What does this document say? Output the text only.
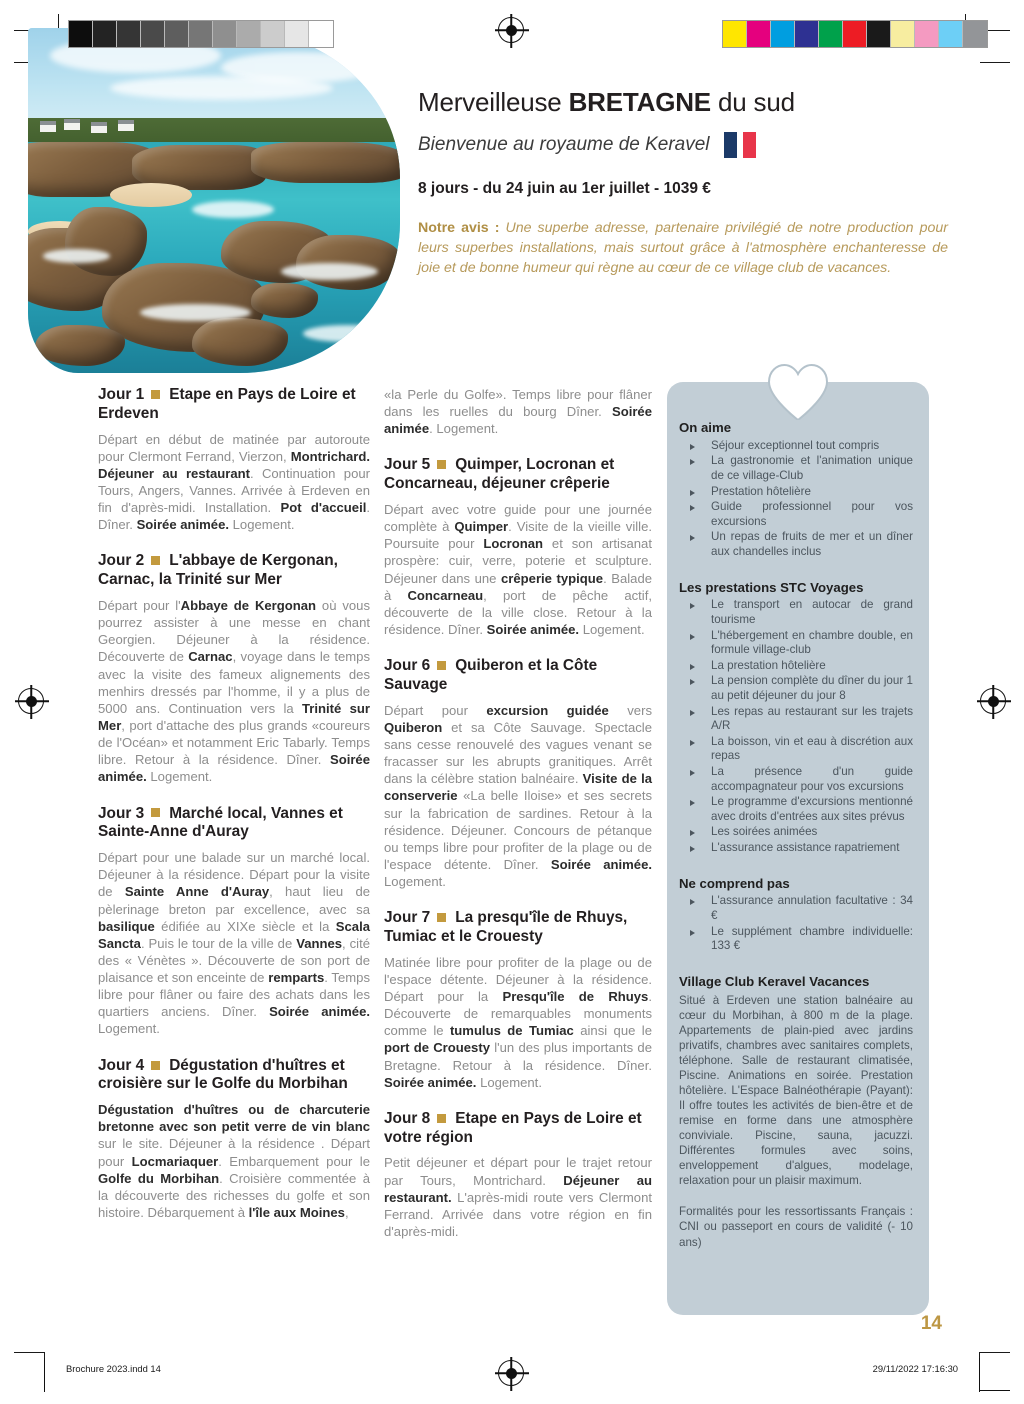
Merveilleuse BRETAGNE du sud
Bienvenue au royaume de Keravel
8 jours - du 24 juin au 1er juillet - 1039 €
Notre avis : Une superbe adresse, partenaire privilégié de notre production pour leurs superbes installations, mais surtout grâce à l'atmosphère enchanteresse de joie et de bonne humeur qui règne au cœur de ce village club de vacances.
Jour 1 Etape en Pays de Loire et Erdeven

Départ en début de matinée par autoroute pour Clermont Ferrand, Vierzon, Montrichard. Déjeuner au restaurant. Continuation pour Tours, Angers, Vannes. Arrivée à Erdeven en fin d'après-midi. Installation. Pot d'accueil. Dîner. Soirée animée. Logement.

Jour 2 L'abbaye de Kergonan, Carnac, la Trinité sur Mer

Départ pour l'Abbaye de Kergonan où vous pourrez assister à une messe en chant Georgien. Déjeuner à la résidence. Découverte de Carnac, voyage dans le temps avec la visite des fameux alignements des menhirs dressés par l'homme, il y a plus de 5000 ans. Continuation vers la Trinité sur Mer, port d'attache des plus grands «coureurs de l'Océan» et notamment Eric Tabarly. Temps libre. Retour à la résidence. Dîner. Soirée animée. Logement.

Jour 3 Marché local, Vannes et Sainte-Anne d'Auray

Départ pour une balade sur un marché local. Déjeuner à la résidence. Départ pour la visite de Sainte Anne d'Auray, haut lieu de pèlerinage breton par excellence, avec sa basilique édifiée au XIXe siècle et la Scala Sancta. Puis le tour de la ville de Vannes, cité des « Vénètes ». Découverte de son port de plaisance et son enceinte de remparts. Temps libre pour flâner ou faire des achats dans les quartiers anciens. Dîner. Soirée animée. Logement.

Jour 4 Dégustation d'huîtres et croisière sur le Golfe du Morbihan

Dégustation d'huîtres ou de charcuterie bretonne avec son petit verre de vin blanc sur le site. Déjeuner à la résidence . Départ pour Locmariaquer. Embarquement pour le Golfe du Morbihan. Croisière commentée à la découverte des richesses du golfe et son histoire. Débarquement à l'île aux Moines,

«la Perle du Golfe». Temps libre pour flâner dans les ruelles du bourg Dîner. Soirée animée. Logement.

Jour 5 Quimper, Locronan et Concarneau, déjeuner crêperie

Départ avec votre guide pour une journée complète à Quimper. Visite de la vieille ville. Poursuite pour Locronan et son artisanat prospère: cuir, verre, poterie et sculpture. Déjeuner dans une crêperie typique. Balade à Concarneau, port de pêche actif, découverte de la ville close. Retour à la résidence. Dîner. Soirée animée. Logement.

Jour 6 Quiberon et la Côte Sauvage

Départ pour excursion guidée vers Quiberon et sa Côte Sauvage. Spectacle sans cesse renouvelé des vagues venant se fracasser sur les abrupts granitiques. Arrêt dans la célèbre station balnéaire. Visite de la conserverie «La belle Iloise» et ses secrets sur la fabrication de sardines. Retour à la résidence. Déjeuner. Concours de pétanque ou temps libre pour profiter de la plage ou de l'espace détente. Dîner. Soirée animée. Logement.

Jour 7 La presqu'île de Rhuys, Tumiac et le Crouesty

Matinée libre pour profiter de la plage ou de l'espace détente. Déjeuner à la résidence. Départ pour la Presqu'île de Rhuys. Découverte de remarquables monuments comme le tumulus de Tumiac ainsi que le port de Crouesty l'un des plus importants de Bretagne. Retour à la résidence. Dîner. Soirée animée. Logement.

Jour 8 Etape en Pays de Loire et votre région

Petit déjeuner et départ pour le trajet retour par Tours, Montrichard. Déjeuner au restaurant. L'après-midi route vers Clermont Ferrand. Arrivée dans votre région en fin d'après-midi.

On aime
Séjour exceptionnel tout compris
La gastronomie et l'animation unique de ce village-Club
Prestation hôtelière
Guide professionnel pour vos excursions
Un repas de fruits de mer et un dîner aux chandelles inclus
Les prestations STC Voyages
Le transport en autocar de grand tourisme
L'hébergement en chambre double, en formule village-club
La prestation hôtelière
La pension complète du dîner du jour 1 au petit déjeuner du jour 8
Les repas au restaurant sur les trajets A/R
La boisson, vin et eau à discrétion aux repas
La présence d'un guide accompagnateur pour vos excursions
Le programme d'excursions mentionné avec droits d'entrées aux sites prévus
Les soirées animées
L'assurance assistance rapatriement
Ne comprend pas
L'assurance annulation facultative : 34 €
Le supplément chambre individuelle: 133 €
Village Club Keravel Vacances

Situé à Erdeven une station balnéaire au cœur du Morbihan, à 800 m de la plage. Appartements de plain-pied avec jardins privatifs, chambres avec sanitaires complets, téléphone. Salle de restaurant climatisée, Piscine. Animations en soirée. Prestation hôtelière. L'Espace Balnéothérapie (Payant): Il offre toutes les activités de bien-être et de remise en forme dans une atmosphère conviviale. Piscine, sauna, jacuzzi. Différentes formules avec soins, enveloppement d'algues, modelage, relaxation pour un plaisir maximum.

Formalités pour les ressortissants Français : CNI ou passeport en cours de validité (- 10 ans)

14
Brochure 2023.indd 14	29/11/2022 17:16:30
